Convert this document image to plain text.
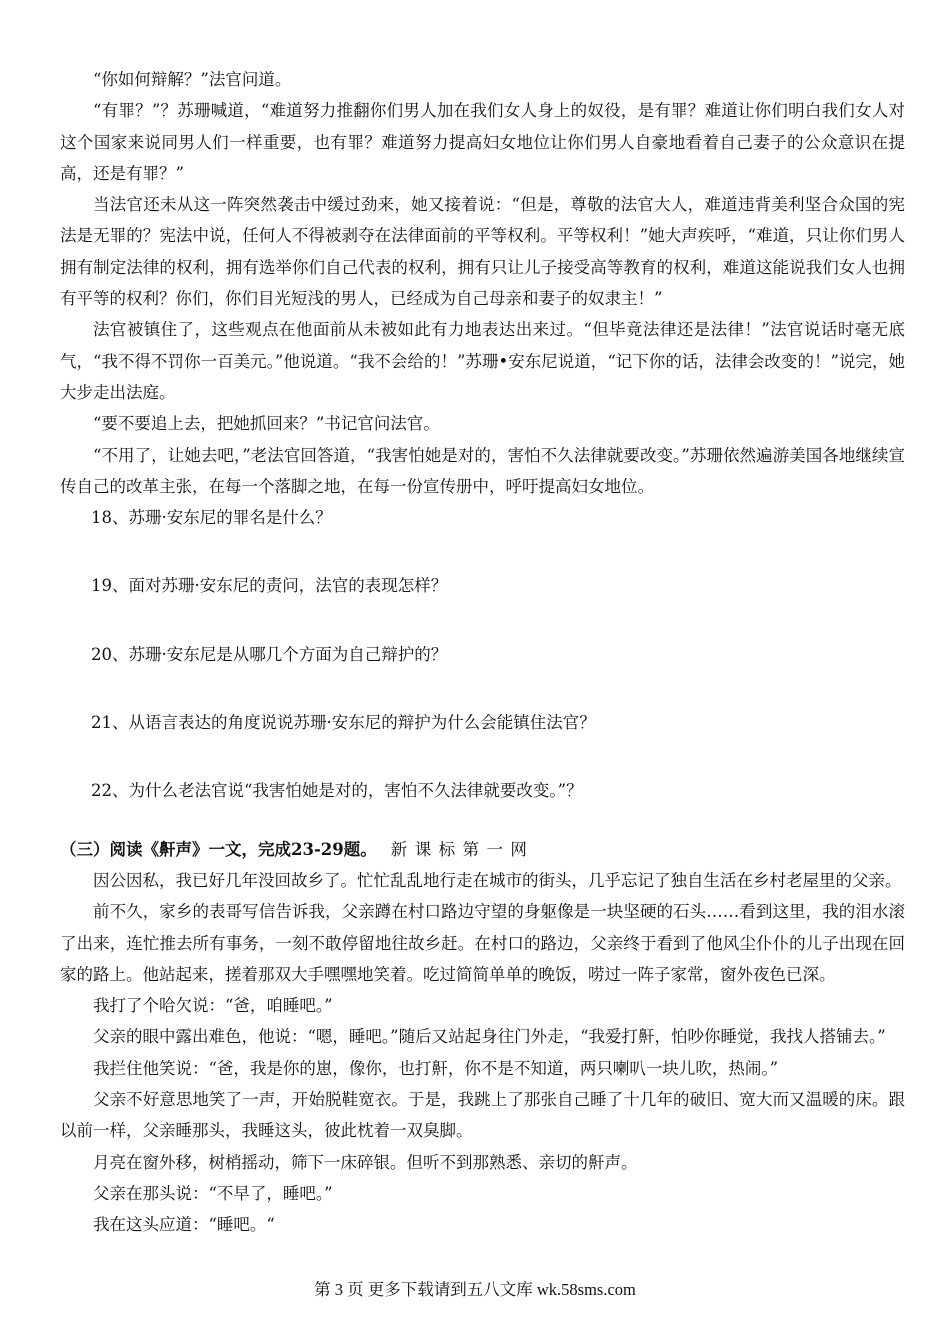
“你如何辩解？”法官问道。

“有罪？”？苏珊喊道，“难道努力推翻你们男人加在我们女人身上的奴役，是有罪？难道让你们明白我们女人对这个国家来说同男人们一样重要，也有罪？难道努力提高妇女地位让你们男人自豪地看着自己妻子的公众意识在提高，还是有罪？”

当法官还未从这一阵突然袭击中缓过劲来，她又接着说：“但是，尊敬的法官大人，难道违背美利坚合众国的宪法是无罪的？宪法中说，任何人不得被剥夺在法律面前的平等权利。平等权利！”她大声疾呼，“难道，只让你们男人拥有制定法律的权利，拥有选举你们自己代表的权利，拥有只让儿子接受高等教育的权利，难道这能说我们女人也拥有平等的权利？你们，你们目光短浅的男人，已经成为自己母亲和妻子的奴隶主！”

法官被镇住了，这些观点在他面前从未被如此有力地表达出来过。“但毕竟法律还是法律！”法官说话时毫无底气，“我不得不罚你一百美元。”他说道。“我不会给的！”苏珊•安东尼说道，“记下你的话，法律会改变的！”说完，她大步走出法庭。

“要不要追上去，把她抓回来？”书记官问法官。

“不用了，让她去吧，”老法官回答道，“我害怕她是对的，害怕不久法律就要改变。”苏珊依然遍游美国各地继续宣传自己的改革主张，在每一个落脚之地，在每一份宣传册中，呼吁提高妇女地位。

18、苏珊·安东尼的罪名是什么？

19、面对苏珊·安东尼的责问，法官的表现怎样？

20、苏珊·安东尼是从哪几个方面为自己辩护的？

21、从语言表达的角度说说苏珊·安东尼的辩护为什么会能镇住法官？

22、为什么老法官说“我害怕她是对的，害怕不久法律就要改变。”？

（三）阅读《鼾声》一文，完成23-29题。 新课标第一网

因公因私，我已好几年没回故乡了。忙忙乱乱地行走在城市的街头，几乎忘记了独自生活在乡村老屋里的父亲。

前不久，家乡的表哥写信告诉我，父亲蹲在村口路边守望的身躯像是一块坚硬的石头……看到这里，我的泪水滚了出来，连忙推去所有事务，一刻不敢停留地往故乡赶。在村口的路边，父亲终于看到了他风尘仆仆的儿子出现在回家的路上。他站起来，搓着那双大手嘿嘿地笑着。吃过简简单单的晚饭，唠过一阵子家常，窗外夜色已深。

我打了个哈欠说：“爸，咱睡吧。”

父亲的眼中露出难色，他说：“嗯，睡吧。”随后又站起身往门外走，“我爱打鼾，怕吵你睡觉，我找人搭铺去。”

我拦住他笑说：“爸，我是你的崽，像你，也打鼾，你不是不知道，两只喇叭一块儿吹，热闹。”

父亲不好意思地笑了一声，开始脱鞋宽衣。于是，我跳上了那张自己睡了十几年的破旧、宽大而又温暖的床。跟以前一样，父亲睡那头，我睡这头，彼此枕着一双臭脚。

月亮在窗外移，树梢摇动，筛下一床碎银。但听不到那熟悉、亲切的鼾声。

父亲在那头说：“不早了，睡吧。”

我在这头应道：“睡吧。“

第 3 页 更多下载请到五八文库 wk.58sms.com
